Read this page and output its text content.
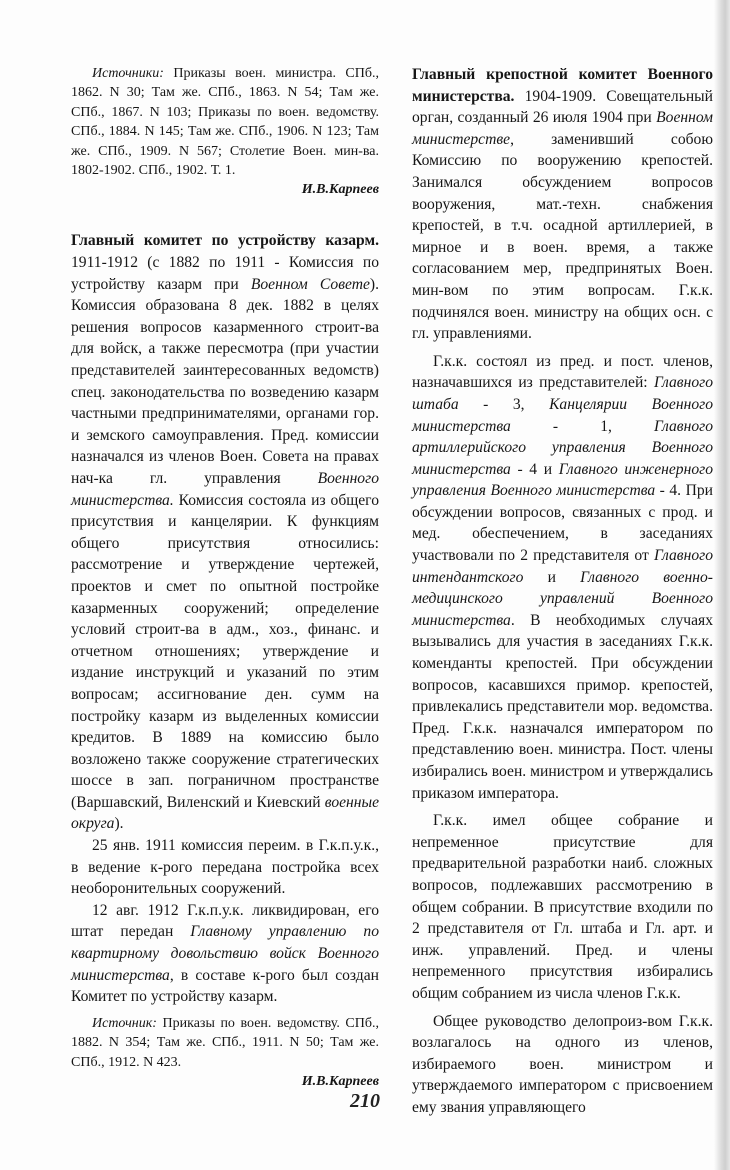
Источники: Приказы воен. министра. СПб., 1862. N 30; Там же. СПб., 1863. N 54; Там же. СПб., 1867. N 103; Приказы по воен. ведомству. СПб., 1884. N 145; Там же. СПб., 1906. N 123; Там же. СПб., 1909. N 567; Столетие Воен. мин-ва. 1802-1902. СПб., 1902. Т. 1.

И.В.Карпеев

Главный комитет по устройству казарм. 1911-1912 (с 1882 по 1911 - Комиссия по устройству казарм при Военном Совете). Комиссия образована 8 дек. 1882 в целях решения вопросов казарменного строит-ва для войск, а также пересмотра (при участии представителей заинтересованных ведомств) спец. законодательства по возведению казарм частными предпринимателями, органами гор. и земского самоуправления. Пред. комиссии назначался из членов Воен. Совета на правах нач-ка гл. управления Военного министерства. Комиссия состояла из общего присутствия и канцелярии. К функциям общего присутствия относились: рассмотрение и утверждение чертежей, проектов и смет по опытной постройке казарменных сооружений; определение условий строит-ва в адм., хоз., финанс. и отчетном отношениях; утверждение и издание инструкций и указаний по этим вопросам; ассигнование ден. сумм на постройку казарм из выделенных комиссии кредитов. В 1889 на комиссию было возложено также сооружение стратегических шоссе в зап. пограничном пространстве (Варшавский, Виленский и Киевский военные округа).

25 янв. 1911 комиссия переим. в Г.к.п.у.к., в ведение к-рого передана постройка всех необоронительных сооружений.

12 авг. 1912 Г.к.п.у.к. ликвидирован, его штат передан Главному управлению по квартирному довольствию войск Военного министерства, в составе к-рого был создан Комитет по устройству казарм.

Источник: Приказы по воен. ведомству. СПб., 1882. N 354; Там же. СПб., 1911. N 50; Там же. СПб., 1912. N 423.

И.В.Карпеев

Главный крепостной комитет Военного министерства. 1904-1909. Совещательный орган, созданный 26 июля 1904 при Военном министерстве, заменивший собою Комиссию по вооружению крепостей. Занимался обсуждением вопросов вооружения, мат.-техн. снабжения крепостей, в т.ч. осадной артиллерией, в мирное и в воен. время, а также согласованием мер, предпринятых Воен. мин-вом по этим вопросам. Г.к.к. подчинялся воен. министру на общих осн. с гл. управлениями.

Г.к.к. состоял из пред. и пост. членов, назначавшихся из представителей: Главного штаба - 3, Канцелярии Военного министерства - 1, Главного артиллерийского управления Военного министерства - 4 и Главного инженерного управления Военного министерства - 4. При обсуждении вопросов, связанных с прод. и мед. обеспечением, в заседаниях участвовали по 2 представителя от Главного интендантского и Главного военно-медицинского управлений Военного министерства. В необходимых случаях вызывались для участия в заседаниях Г.к.к. коменданты крепостей. При обсуждении вопросов, касавшихся примор. крепостей, привлекались представители мор. ведомства. Пред. Г.к.к. назначался императором по представлению воен. министра. Пост. члены избирались воен. министром и утверждались приказом императора.

Г.к.к. имел общее собрание и непременное присутствие для предварительной разработки наиб. сложных вопросов, подлежавших рассмотрению в общем собрании. В присутствие входили по 2 представителя от Гл. штаба и Гл. арт. и инж. управлений. Пред. и члены непременного присутствия избирались общим собранием из числа членов Г.к.к.

Общее руководство делопроиз-вом Г.к.к. возлагалось на одного из членов, избираемого воен. министром и утверждаемого императором с присвоением ему звания управляющего

210
